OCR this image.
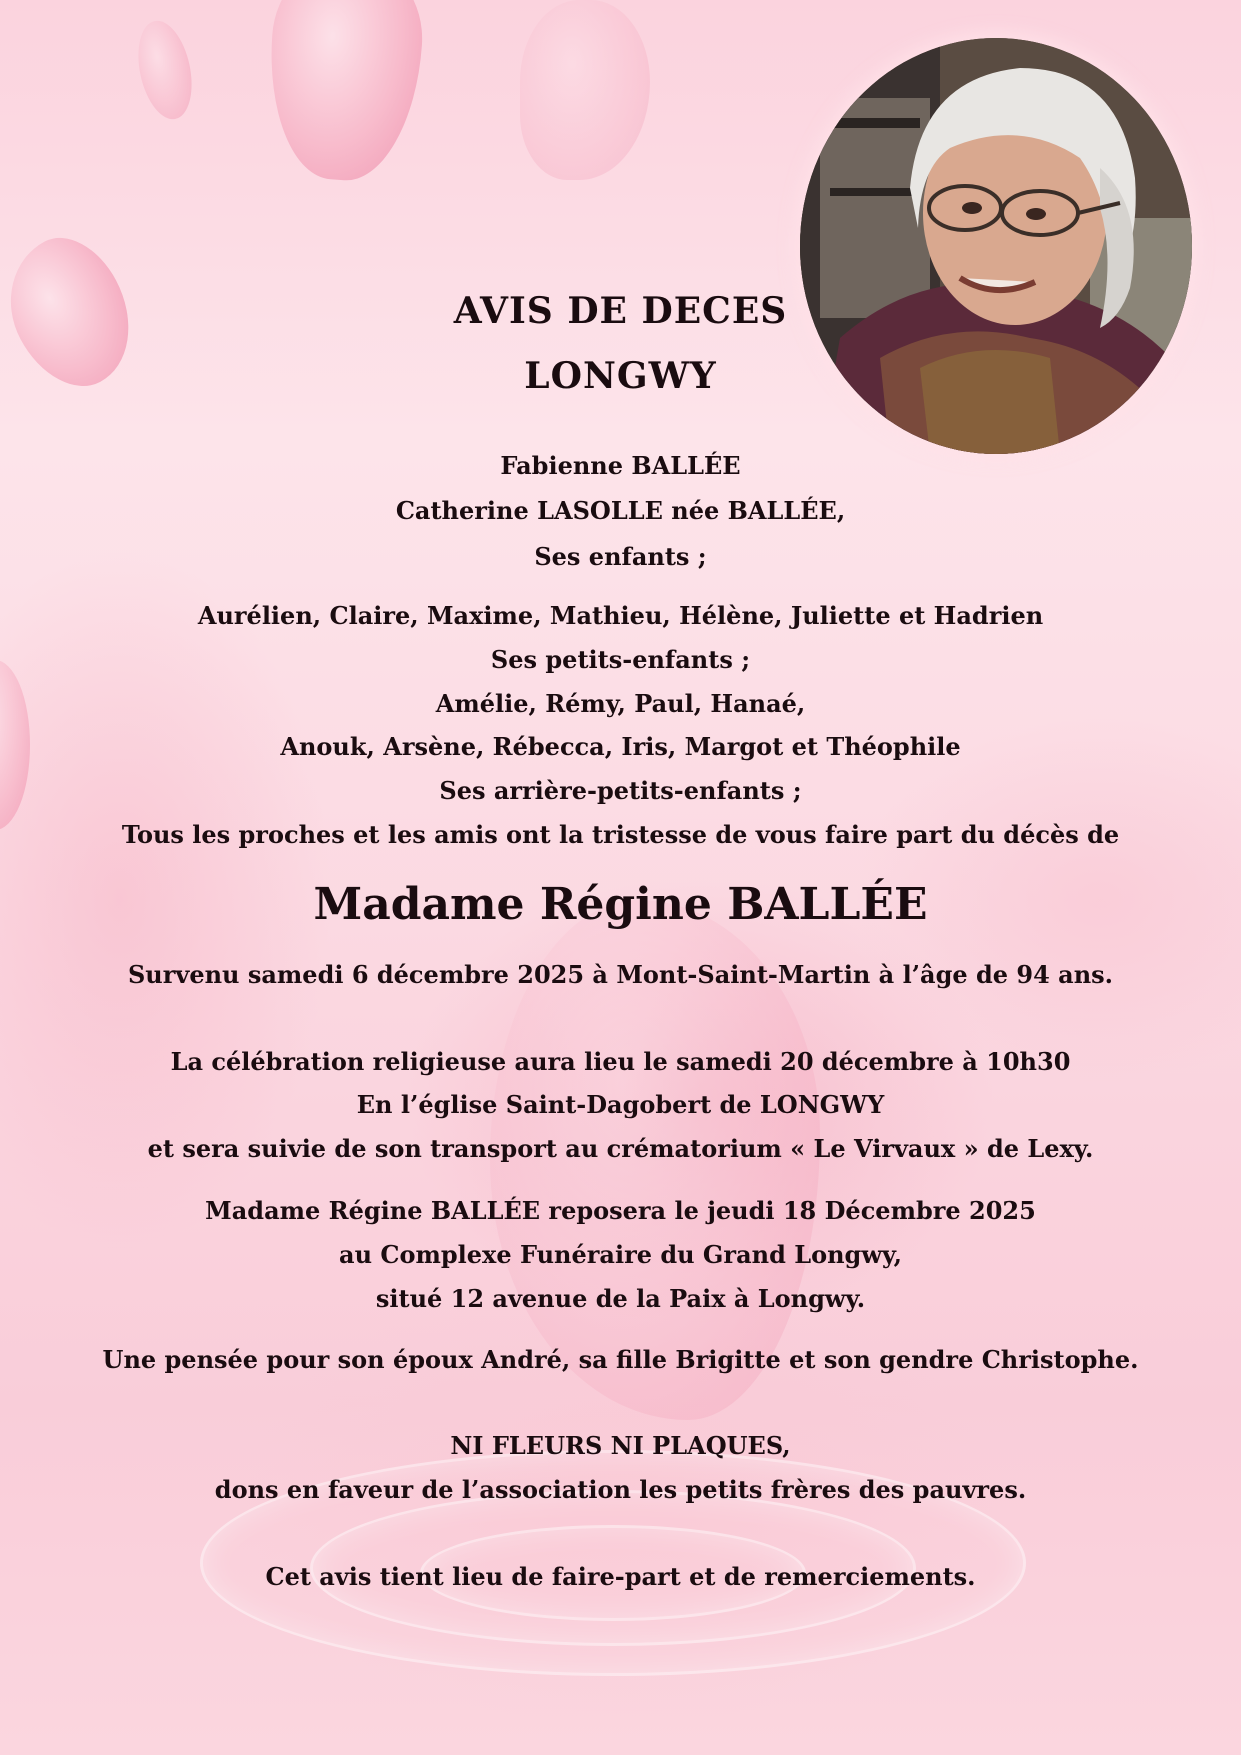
AVIS DE DECES
LONGWY
Fabienne BALLÉE
Catherine LASOLLE née BALLÉE,
Ses enfants ;
Aurélien, Claire, Maxime, Mathieu, Hélène, Juliette et Hadrien
Ses petits-enfants ;
Amélie, Rémy, Paul, Hanaé,
Anouk, Arsène, Rébecca, Iris, Margot et Théophile
Ses arrière-petits-enfants ;
Tous les proches et les amis ont la tristesse de vous faire part du décès de
Madame Régine BALLÉE
Survenu samedi 6 décembre 2025 à Mont-Saint-Martin à l’âge de 94 ans.
La célébration religieuse aura lieu le samedi 20 décembre à 10h30
En l’église Saint-Dagobert de LONGWY
et sera suivie de son transport au crématorium « Le Virvaux » de Lexy.
Madame Régine BALLÉE reposera le jeudi 18 Décembre 2025
au Complexe Funéraire du Grand Longwy,
situé 12 avenue de la Paix à Longwy.
Une pensée pour son époux André, sa fille Brigitte et son gendre Christophe.
NI FLEURS NI PLAQUES,
dons en faveur de l’association les petits frères des pauvres.
Cet avis tient lieu de faire-part et de remerciements.
